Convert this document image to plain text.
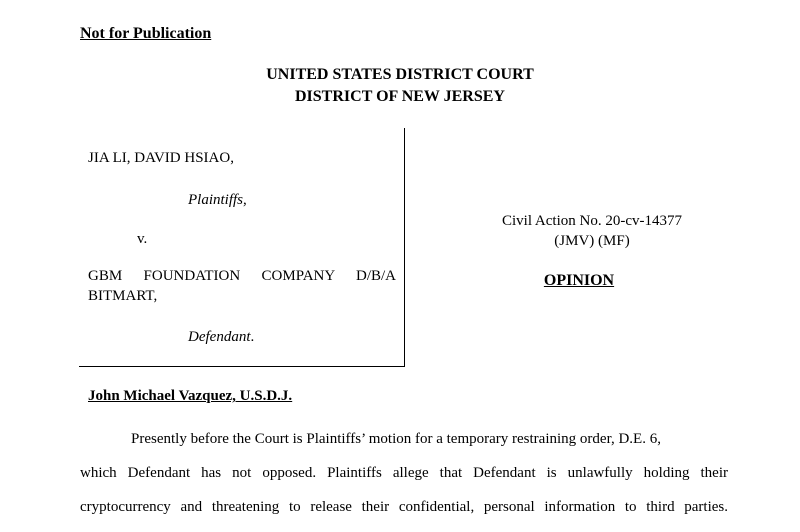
Not for Publication
UNITED STATES DISTRICT COURT
DISTRICT OF NEW JERSEY
JIA LI, DAVID HSIAO,
Plaintiffs,
v.
GBM FOUNDATION COMPANY D/B/A
BITMART,
Defendant.
Civil Action No. 20-cv-14377
(JMV) (MF)
OPINION
John Michael Vazquez, U.S.D.J.
Presently before the Court is Plaintiffs’ motion for a temporary restraining order, D.E. 6,
which Defendant has not opposed. Plaintiffs allege that Defendant is unlawfully holding their
cryptocurrency and threatening to release their confidential, personal information to third parties.
